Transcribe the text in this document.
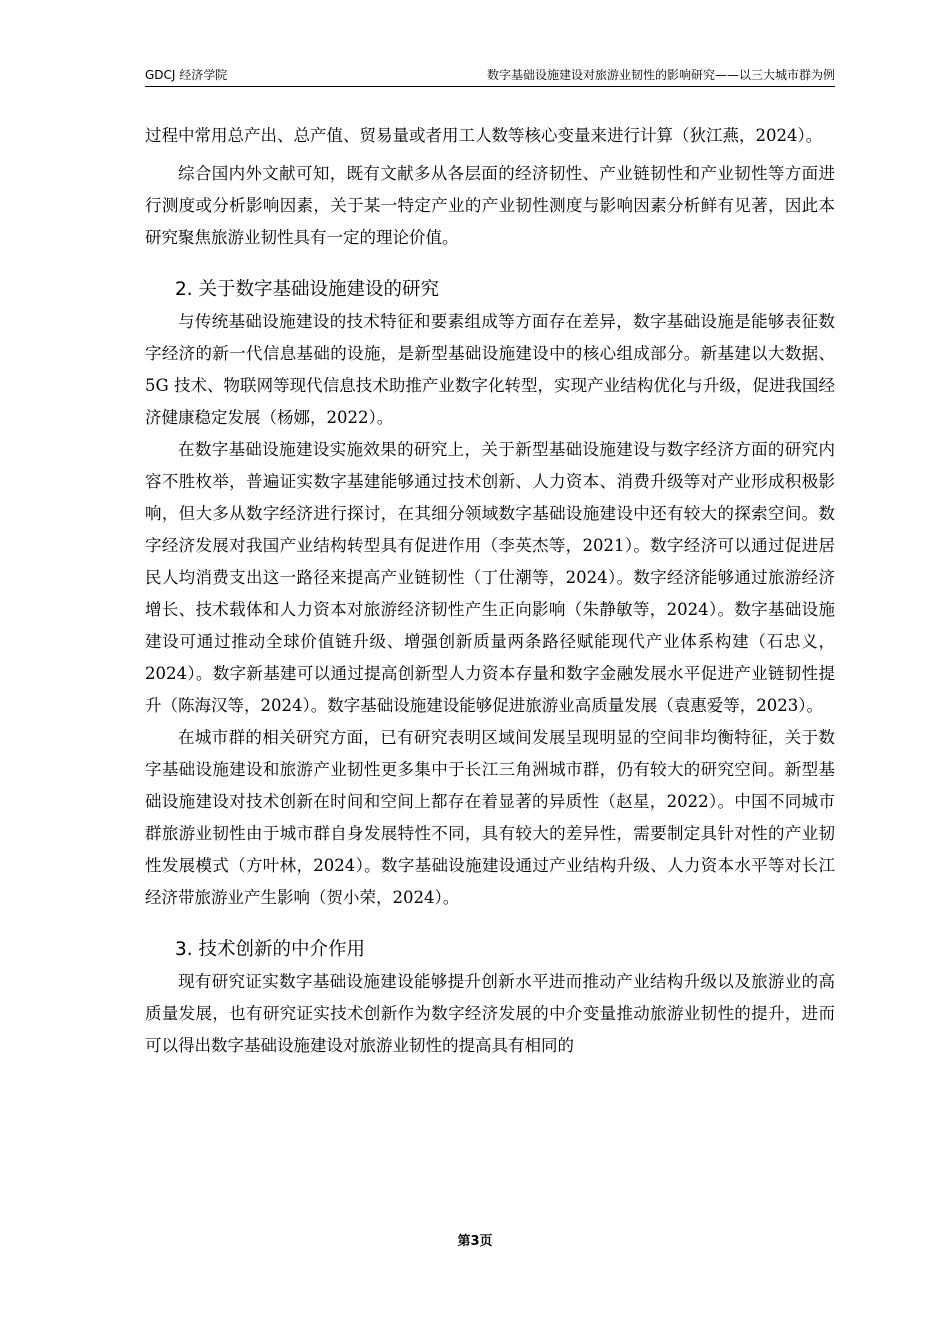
GDCJ 经济学院	数字基础设施建设对旅游业韧性的影响研究——以三大城市群为例

过程中常用总产出、总产值、贸易量或者用工人数等核心变量来进行计算（狄江燕，2024）。

综合国内外文献可知，既有文献多从各层面的经济韧性、产业链韧性和产业韧性等方面进行测度或分析影响因素，关于某一特定产业的产业韧性测度与影响因素分析鲜有见著，因此本研究聚焦旅游业韧性具有一定的理论价值。

2. 关于数字基础设施建设的研究

与传统基础设施建设的技术特征和要素组成等方面存在差异，数字基础设施是能够表征数字经济的新一代信息基础的设施，是新型基础设施建设中的核心组成部分。新基建以大数据、5G 技术、物联网等现代信息技术助推产业数字化转型，实现产业结构优化与升级，促进我国经济健康稳定发展（杨娜，2022）。

在数字基础设施建设实施效果的研究上，关于新型基础设施建设与数字经济方面的研究内容不胜枚举，普遍证实数字基建能够通过技术创新、人力资本、消费升级等对产业形成积极影响，但大多从数字经济进行探讨，在其细分领域数字基础设施建设中还有较大的探索空间。数字经济发展对我国产业结构转型具有促进作用（李英杰等，2021）。数字经济可以通过促进居民人均消费支出这一路径来提高产业链韧性（丁仕潮等，2024）。数字经济能够通过旅游经济增长、技术载体和人力资本对旅游经济韧性产生正向影响（朱静敏等，2024）。数字基础设施建设可通过推动全球价值链升级、增强创新质量两条路径赋能现代产业体系构建（石忠义，2024）。数字新基建可以通过提高创新型人力资本存量和数字金融发展水平促进产业链韧性提升（陈海汉等，2024）。数字基础设施建设能够促进旅游业高质量发展（袁惠爱等，2023）。

在城市群的相关研究方面，已有研究表明区域间发展呈现明显的空间非均衡特征，关于数字基础设施建设和旅游产业韧性更多集中于长江三角洲城市群，仍有较大的研究空间。新型基础设施建设对技术创新在时间和空间上都存在着显著的异质性（赵星，2022）。中国不同城市群旅游业韧性由于城市群自身发展特性不同，具有较大的差异性，需要制定具针对性的产业韧性发展模式（方叶林，2024）。数字基础设施建设通过产业结构升级、人力资本水平等对长江经济带旅游业产生影响（贺小荣，2024）。

3. 技术创新的中介作用

现有研究证实数字基础设施建设能够提升创新水平进而推动产业结构升级以及旅游业的高质量发展，也有研究证实技术创新作为数字经济发展的中介变量推动旅游业韧性的提升，进而可以得出数字基础设施建设对旅游业韧性的提高具有相同的

第3页
